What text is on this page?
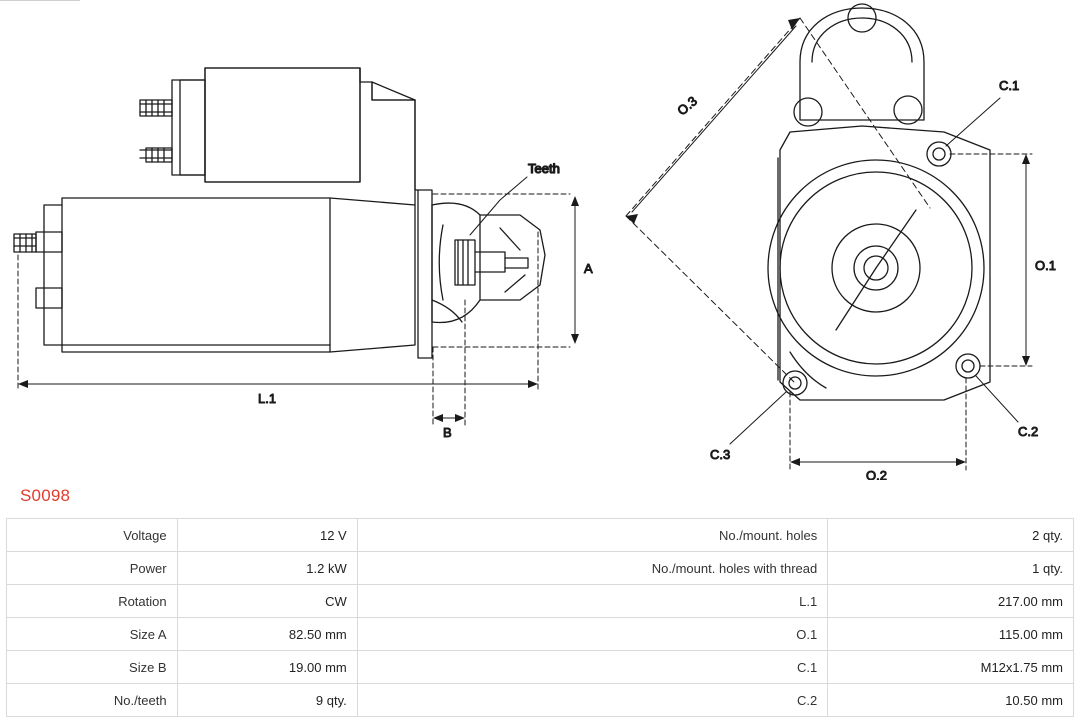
Teeth
A
L.1
B
O.3
O.1
O.2
C.1
C.2
C.3
S0098
Voltage	12 V	No./mount. holes	2 qty.
Power	1.2 kW	No./mount. holes with thread	1 qty.
Rotation	CW	L.1	217.00 mm
Size A	82.50 mm	O.1	115.00 mm
Size B	19.00 mm	C.1	M12x1.75 mm
No./teeth	9 qty.	C.2	10.50 mm
